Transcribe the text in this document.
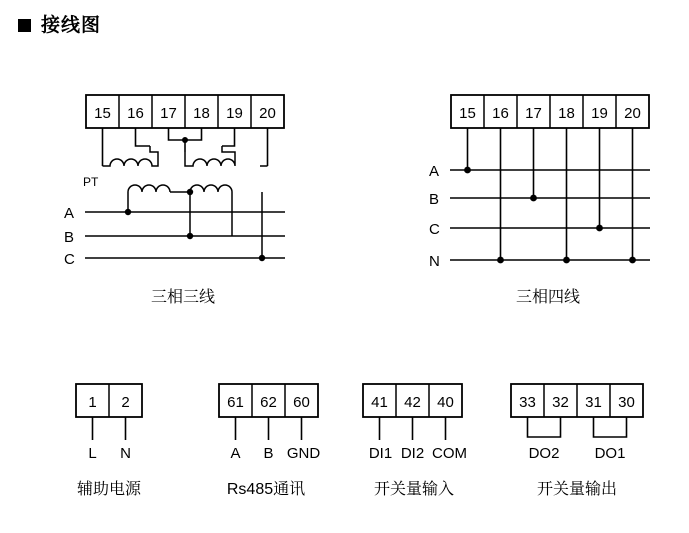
接线图
15 16 17 18 19 20
PT
A
B
C
三相三线
15 16 17 18 19 20
A
B
C
N
三相四线
1 2
L N
辅助电源
61 62 60
A B GND
Rs485通讯
41 42 40
DI1 DI2 COM
开关量输入
33 32 31 30
DO2 DO1
开关量输出
